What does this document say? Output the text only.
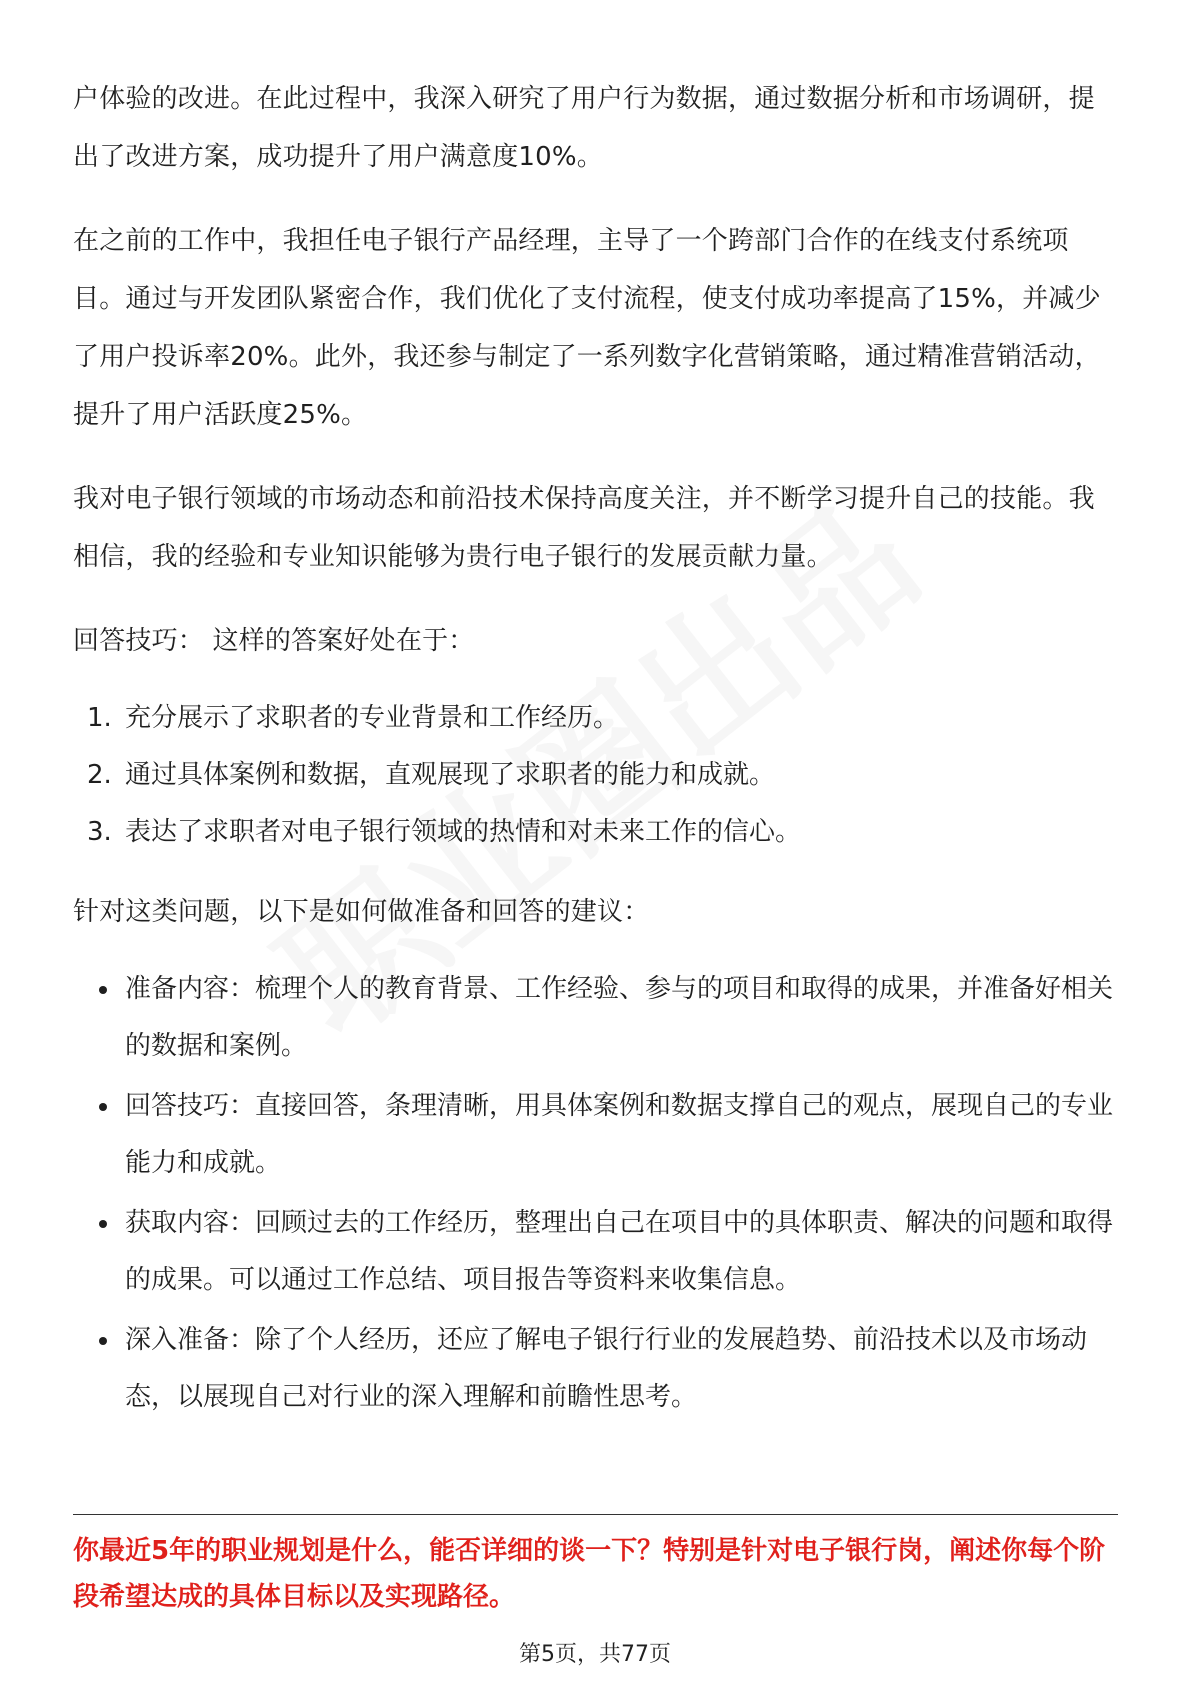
户体验的改进。在此过程中，我深入研究了用户行为数据，通过数据分析和市场调研，提出了改进方案，成功提升了用户满意度10%。

在之前的工作中，我担任电子银行产品经理，主导了一个跨部门合作的在线支付系统项目。通过与开发团队紧密合作，我们优化了支付流程，使支付成功率提高了15%，并减少了用户投诉率20%。此外，我还参与制定了一系列数字化营销策略，通过精准营销活动，提升了用户活跃度25%。

我对电子银行领域的市场动态和前沿技术保持高度关注，并不断学习提升自己的技能。我相信，我的经验和专业知识能够为贵行电子银行的发展贡献力量。

回答技巧： 这样的答案好处在于：

1. 充分展示了求职者的专业背景和工作经历。
2. 通过具体案例和数据，直观展现了求职者的能力和成就。
3. 表达了求职者对电子银行领域的热情和对未来工作的信心。

针对这类问题，以下是如何做准备和回答的建议：

准备内容：梳理个人的教育背景、工作经验、参与的项目和取得的成果，并准备好相关的数据和案例。
回答技巧：直接回答，条理清晰，用具体案例和数据支撑自己的观点，展现自己的专业能力和成就。
获取内容：回顾过去的工作经历，整理出自己在项目中的具体职责、解决的问题和取得的成果。可以通过工作总结、项目报告等资料来收集信息。
深入准备：除了个人经历，还应了解电子银行行业的发展趋势、前沿技术以及市场动态，以展现自己对行业的深入理解和前瞻性思考。
你最近5年的职业规划是什么，能否详细的谈一下？特别是针对电子银行岗，阐述你每个阶段希望达成的具体目标以及实现路径。
第5页，共77页
